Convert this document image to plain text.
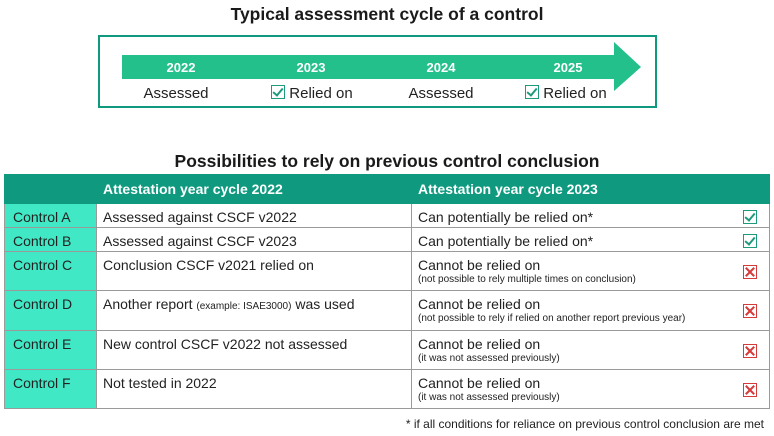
Typical assessment cycle of a control
2022	2023	2024	2025
Assessed	Relied on	Assessed	Relied on
Possibilities to rely on previous control conclusion
	Attestation year cycle 2022	Attestation year cycle 2023
Control A	Assessed against CSCF v2022	Can potentially be relied on*

Control B	Assessed against CSCF v2023	Can potentially be relied on*

Control C	Conclusion CSCF v2021 relied on	Cannot be relied on
(not possible to rely multiple times on conclusion)

Control D	Another report (example: ISAE3000) was used	Cannot be relied on
(not possible to rely if relied on another report previous year)

Control E	New control CSCF v2022 not assessed	Cannot be relied on
(it was not assessed previously)

Control F	Not tested in 2022	Cannot be relied on
(it was not assessed previously)
* if all conditions for reliance on previous control conclusion are met
